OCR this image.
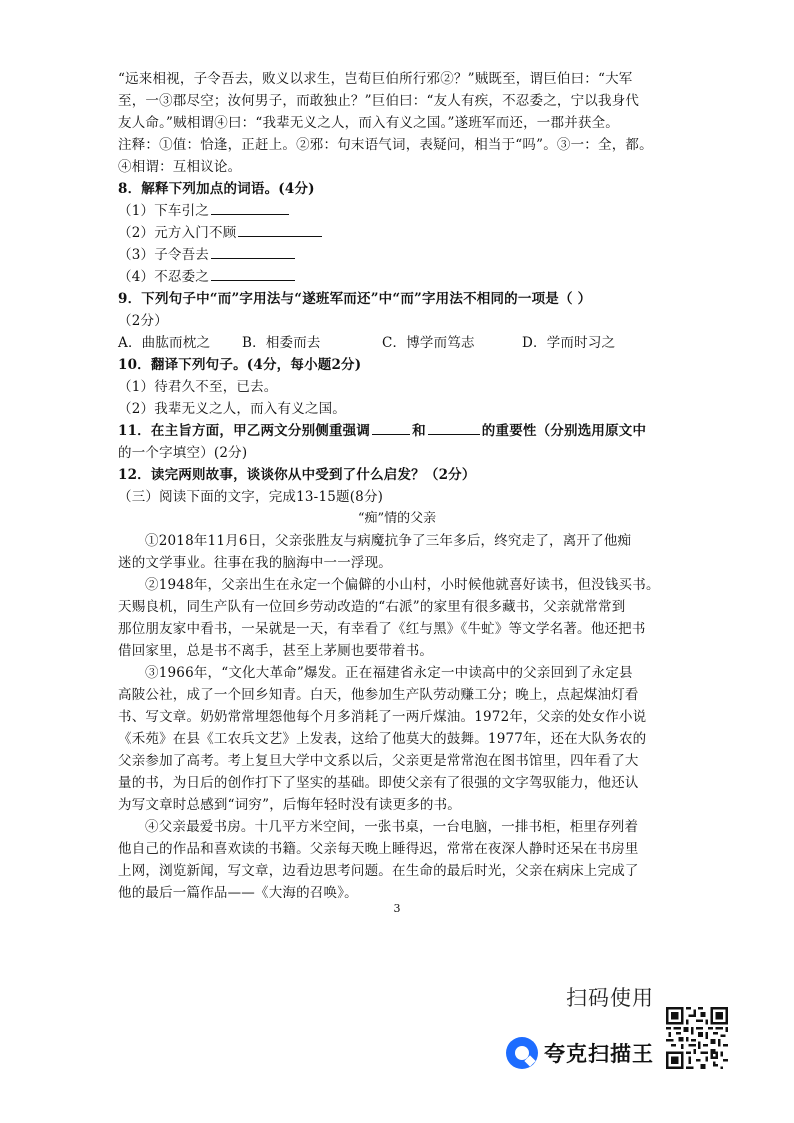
“远来相视，子令吾去，败义以求生，岂荀巨伯所行邪②？”贼既至，谓巨伯曰：“大军
至，一③郡尽空；汝何男子，而敢独止？”巨伯曰：“友人有疾，不忍委之，宁以我身代
友人命。”贼相谓④曰：“我辈无义之人，而入有义之国。”遂班军而还，一郡并获全。
注释：①值：恰逢，正赶上。②邪：句末语气词，表疑问，相当于“吗”。③一：全，都。
④相谓：互相议论。
8．解释下列加点的词语。(4分)
（1）下车引之
（2）元方入门不顾
（3）子令吾去
（4）不忍委之
9．下列句子中“而”字用法与“遂班军而还”中“而”字用法不相同的一项是（ ）
（2分）
A．曲肱而枕之	B．相委而去	C．博学而笃志	D．学而时习之
10．翻译下列句子。(4分，每小题2分)
（1）待君久不至，已去。
（2）我辈无义之人，而入有义之国。
11．在主旨方面，甲乙两文分别侧重强调	和	的重要性（分别选用原文中
的一个字填空）(2分)
12．读完两则故事，谈谈你从中受到了什么启发？（2分）
（三）阅读下面的文字，完成13-15题(8分)
“痴”情的父亲
①2018年11月6日，父亲张胜友与病魔抗争了三年多后，终究走了，离开了他痴
迷的文学事业。往事在我的脑海中一一浮现。
②1948年，父亲出生在永定一个偏僻的小山村，小时候他就喜好读书，但没钱买书。
天赐良机，同生产队有一位回乡劳动改造的“右派”的家里有很多藏书，父亲就常常到
那位朋友家中看书，一呆就是一天，有幸看了《红与黑》《牛虻》等文学名著。他还把书
借回家里，总是书不离手，甚至上茅厕也要带着书。
③1966年，“文化大革命”爆发。正在福建省永定一中读高中的父亲回到了永定县
高陂公社，成了一个回乡知青。白天，他参加生产队劳动赚工分；晚上，点起煤油灯看
书、写文章。奶奶常常埋怨他每个月多消耗了一两斤煤油。1972年，父亲的处女作小说
《禾苑》在县《工农兵文艺》上发表，这给了他莫大的鼓舞。1977年，还在大队务农的
父亲参加了高考。考上复旦大学中文系以后，父亲更是常常泡在图书馆里，四年看了大
量的书，为日后的创作打下了坚实的基础。即使父亲有了很强的文字驾驭能力，他还认
为写文章时总感到“词穷”，后悔年轻时没有读更多的书。
④父亲最爱书房。十几平方米空间，一张书桌，一台电脑，一排书柜，柜里存列着
他自己的作品和喜欢读的书籍。父亲每天晚上睡得迟，常常在夜深人静时还呆在书房里
上网，浏览新闻，写文章，边看边思考问题。在生命的最后时光，父亲在病床上完成了
他的最后一篇作品——《大海的召唤》。
3
扫码使用
夸克扫描王
